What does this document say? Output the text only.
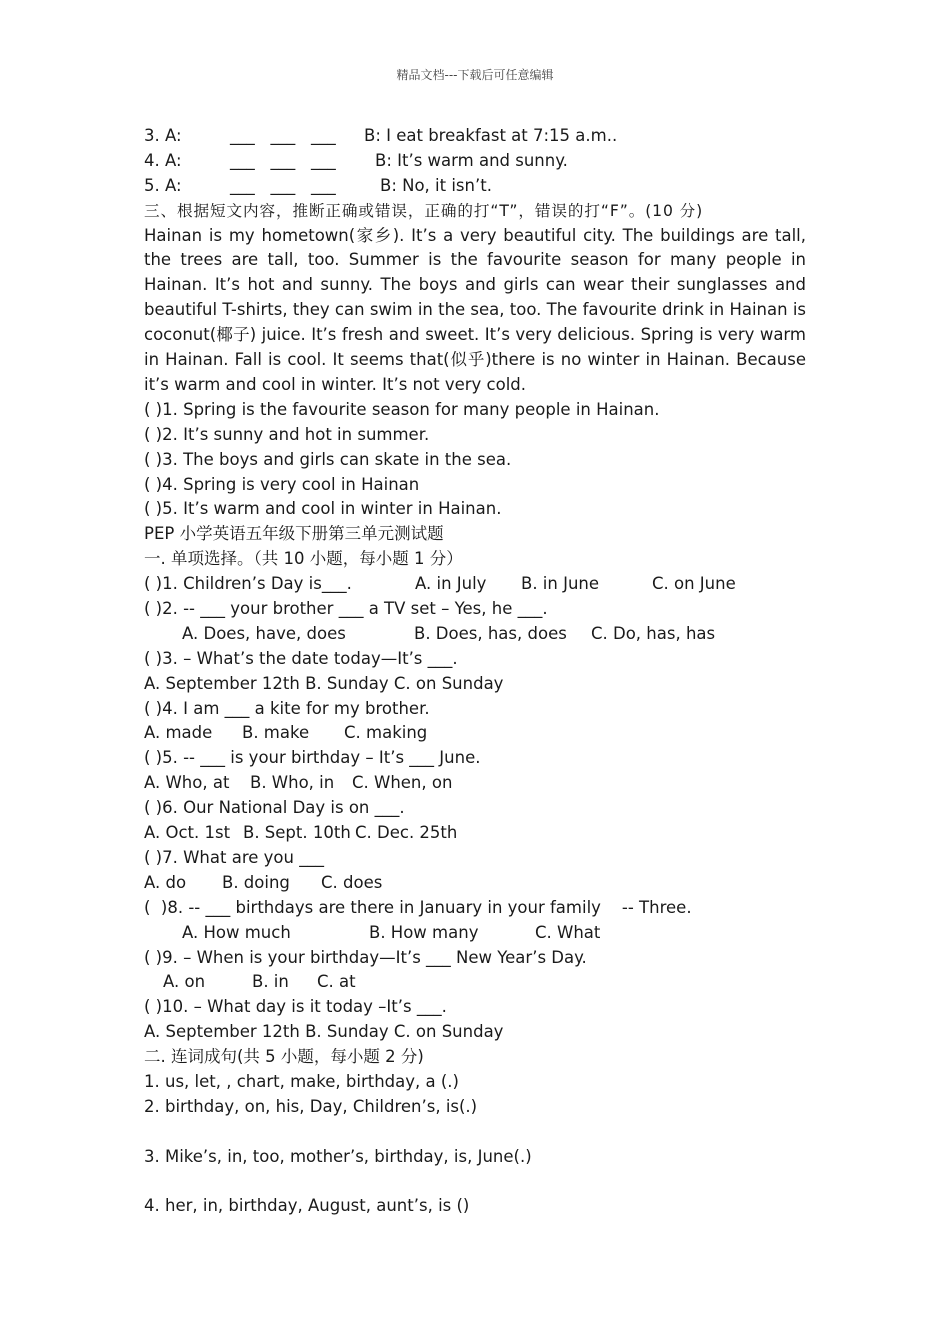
精品文档---下载后可任意编辑
3. A:	___   ___   ___ B: I eat breakfast at 7:15 a.m..
4. A:	___   ___   ___ B: It’s warm and sunny.
5. A:	___   ___   ___	B: No, it isn’t.
三、根据短文内容，推断正确或错误，正确的打“T”，错误的打“F”。(10 分)
Hainan is my hometown(家乡). It’s a very beautiful city. The buildings are tall, the trees are tall, too. Summer is the favourite season for many people in Hainan. It’s hot and sunny. The boys and girls can wear their sunglasses and beautiful T-shirts, they can swim in the sea, too. The favourite drink in Hainan is coconut(椰子) juice. It’s fresh and sweet. It’s very delicious. Spring is very warm in Hainan. Fall is cool. It seems that(似乎)there is no winter in Hainan. Because it’s warm and cool in winter. It’s not very cold.
( )1. Spring is the favourite season for many people in Hainan.
( )2. It’s sunny and hot in summer.
( )3. The boys and girls can skate in the sea.
( )4. Spring is very cool in Hainan
( )5. It’s warm and cool in winter in Hainan.
PEP 小学英语五年级下册第三单元测试题
一. 单项选择。（共 10 小题，每小题 1 分）
( )1. Children’s Day is___.	A. in July B. in June	C. on June
( )2. -- ___ your brother ___ a TV set – Yes, he ___.
A. Does, have, does	B. Does, has, does C. Do, has, has
( )3. – What’s the date today—It’s ___.
A. September 12th B. Sunday C. on Sunday
( )4. I am ___ a kite for my brother.
A. made B. make C. making
( )5. -- ___ is your birthday – It’s ___ June.
A. Who, at B. Who, in C. When, on
( )6. Our National Day is on ___.
A. Oct. 1st B. Sept. 10th C. Dec. 25th
( )7. What are you ___
A. do B. doing C. does
(  )8. -- ___ birthdays are there in January in your family    -- Three.
A. How much	B. How many	C. What
( )9. – When is your birthday—It’s ___ New Year’s Day.
A. on	B. in C. at
( )10. – What day is it today –It’s ___.
A. September 12th B. Sunday C. on Sunday
二. 连词成句(共 5 小题，每小题 2 分)
1. us, let, , chart, make, birthday, a (.)
2. birthday, on, his, Day, Children’s, is(.)
3. Mike’s, in, too, mother’s, birthday, is, June(.)
4. her, in, birthday, August, aunt’s, is ()
